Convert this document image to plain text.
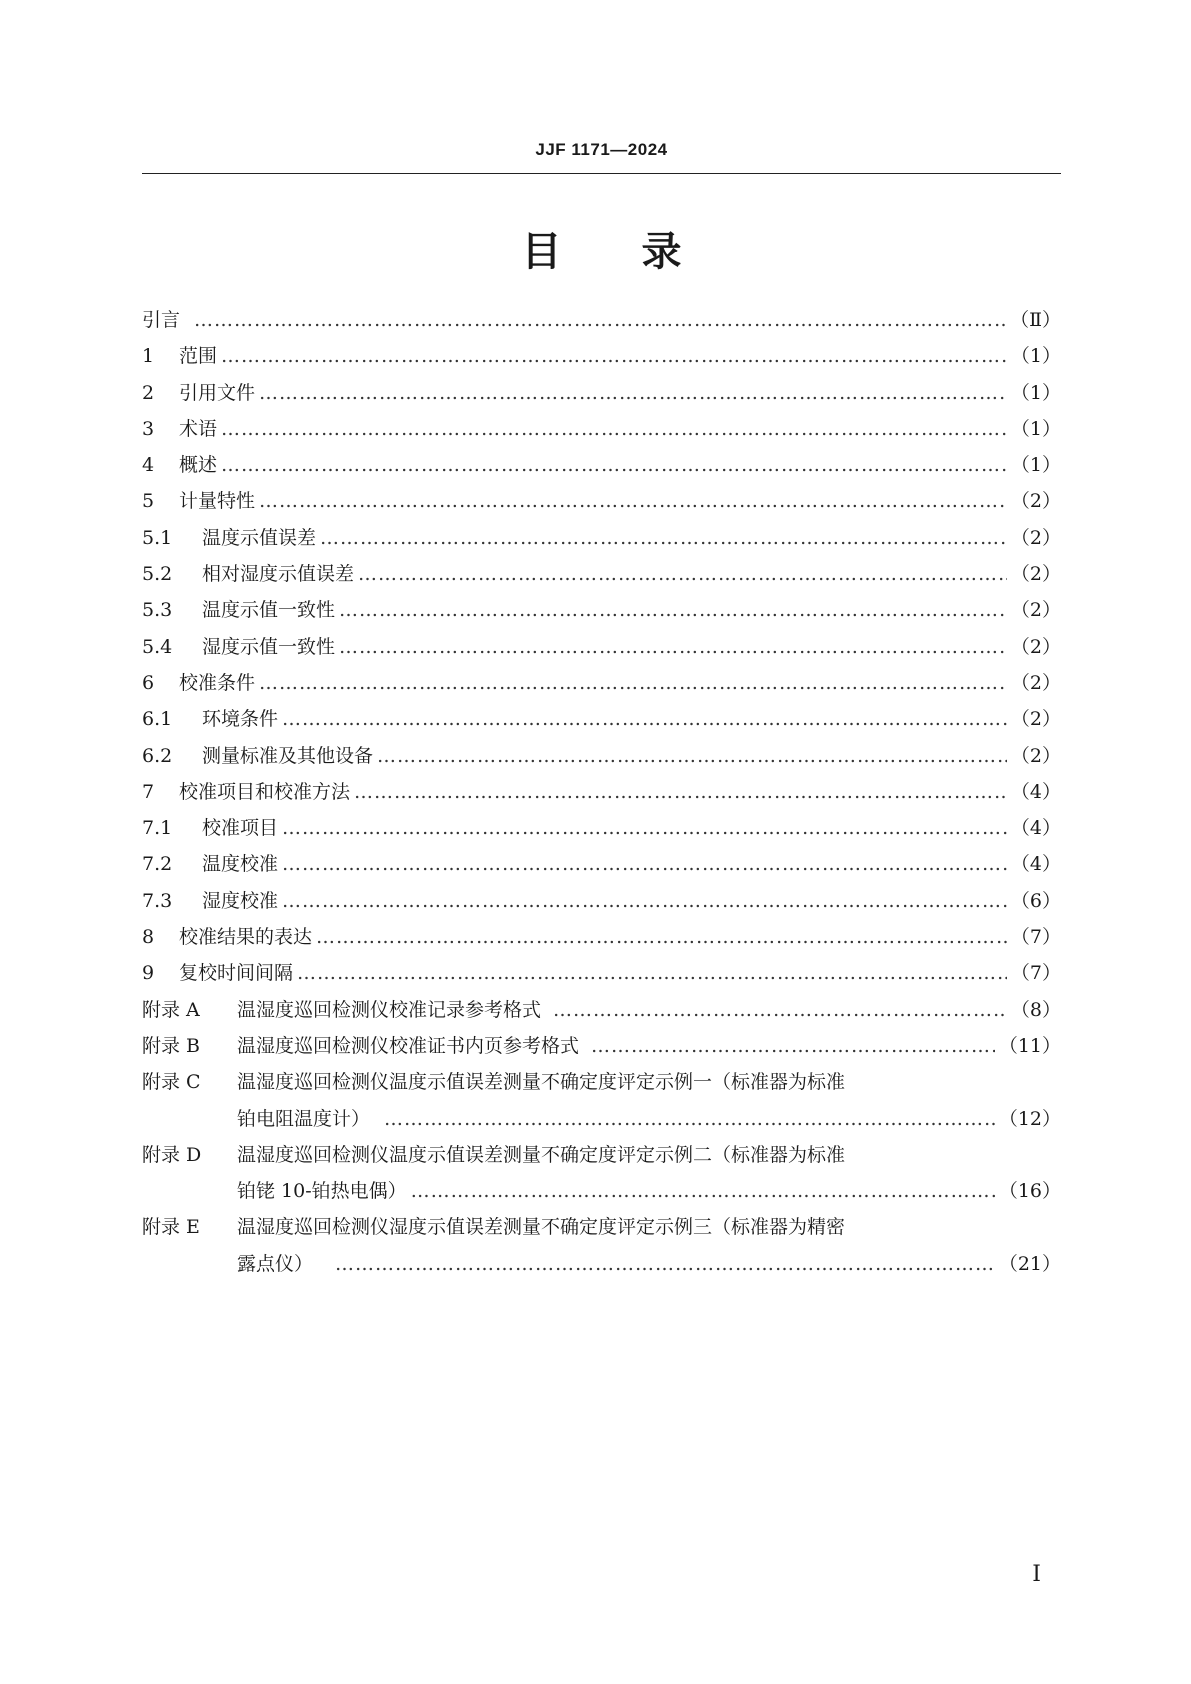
JJF 1171—2024
目 录
引言 ……………………………………………………………………………………………………………………………………………………………………………………………………………………………………	（Ⅱ）
1	范围 ……………………………………………………………………………………………………………………………………………………………………………………………………………………………………	（1）
2	引用文件 ……………………………………………………………………………………………………………………………………………………………………………………………………………………………………	（1）
3	术语 ……………………………………………………………………………………………………………………………………………………………………………………………………………………………………	（1）
4	概述 ……………………………………………………………………………………………………………………………………………………………………………………………………………………………………	（1）
5	计量特性 ……………………………………………………………………………………………………………………………………………………………………………………………………………………………………	（2）
5.1	温度示值误差 ……………………………………………………………………………………………………………………………………………………………………………………………………………………………………	（2）
5.2	相对湿度示值误差 ……………………………………………………………………………………………………………………………………………………………………………………………………………………………………	（2）
5.3	温度示值一致性 ……………………………………………………………………………………………………………………………………………………………………………………………………………………………………	（2）
5.4	湿度示值一致性 ……………………………………………………………………………………………………………………………………………………………………………………………………………………………………	（2）
6	校准条件 ……………………………………………………………………………………………………………………………………………………………………………………………………………………………………	（2）
6.1	环境条件 ……………………………………………………………………………………………………………………………………………………………………………………………………………………………………	（2）
6.2	测量标准及其他设备 ……………………………………………………………………………………………………………………………………………………………………………………………………………………………………	（2）
7	校准项目和校准方法 ……………………………………………………………………………………………………………………………………………………………………………………………………………………………………	（4）
7.1	校准项目 ……………………………………………………………………………………………………………………………………………………………………………………………………………………………………	（4）
7.2	温度校准 ……………………………………………………………………………………………………………………………………………………………………………………………………………………………………	（4）
7.3	湿度校准 ……………………………………………………………………………………………………………………………………………………………………………………………………………………………………	（6）
8	校准结果的表达 ……………………………………………………………………………………………………………………………………………………………………………………………………………………………………	（7）
9	复校时间间隔 ……………………………………………………………………………………………………………………………………………………………………………………………………………………………………	（7）
附录 A	温湿度巡回检测仪校准记录参考格式 ……………………………………………………………………………………………………………………………………………………………………………………………………………………………………	（8）
附录 B	温湿度巡回检测仪校准证书内页参考格式 ……………………………………………………………………………………………………………………………………………………………………………………………………………………………………	（11）
附录 C	温湿度巡回检测仪温度示值误差测量不确定度评定示例一（标准器为标准
铂电阻温度计） ……………………………………………………………………………………………………………………………………………………………………………………………………………………………………	（12）
附录 D	温湿度巡回检测仪温度示值误差测量不确定度评定示例二（标准器为标准
铂铑 10-铂热电偶） ……………………………………………………………………………………………………………………………………………………………………………………………………………………………………	（16）
附录 E	温湿度巡回检测仪湿度示值误差测量不确定度评定示例三（标准器为精密
露点仪） ……………………………………………………………………………………………………………………………………………………………………………………………………………………………………	（21）
Ⅰ
